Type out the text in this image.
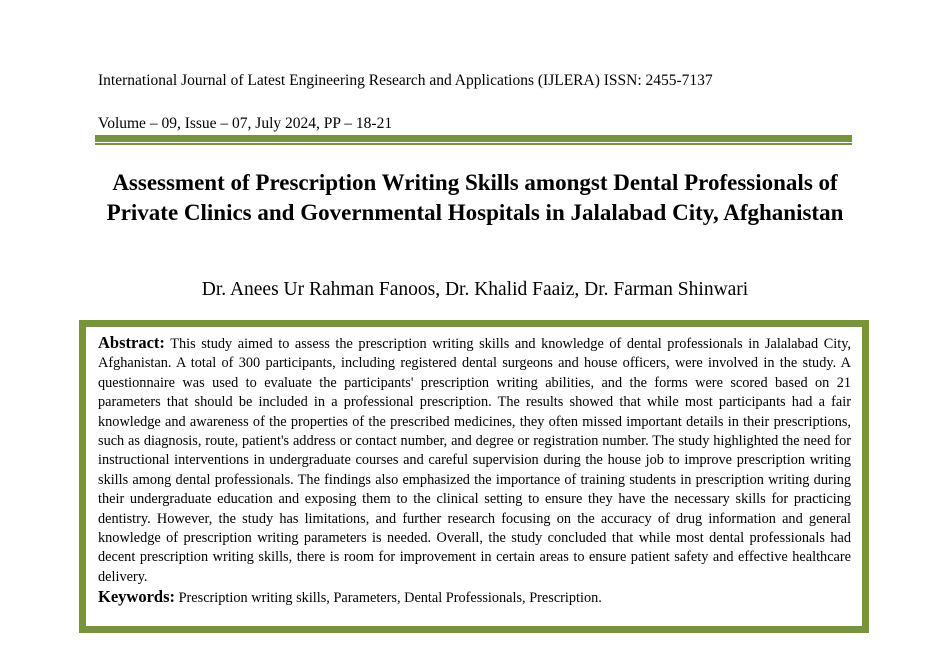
International Journal of Latest Engineering Research and Applications (IJLERA) ISSN: 2455-7137
Volume – 09, Issue – 07, July 2024, PP – 18-21
Assessment of Prescription Writing Skills amongst Dental Professionals of Private Clinics and Governmental Hospitals in Jalalabad City, Afghanistan
Dr. Anees Ur Rahman Fanoos, Dr. Khalid Faaiz, Dr. Farman Shinwari

Abstract: This study aimed to assess the prescription writing skills and knowledge of dental professionals in Jalalabad City, Afghanistan. A total of 300 participants, including registered dental surgeons and house officers, were involved in the study. A questionnaire was used to evaluate the participants' prescription writing abilities, and the forms were scored based on 21 parameters that should be included in a professional prescription. The results showed that while most participants had a fair knowledge and awareness of the properties of the prescribed medicines, they often missed important details in their prescriptions, such as diagnosis, route, patient's address or contact number, and degree or registration number. The study highlighted the need for instructional interventions in undergraduate courses and careful supervision during the house job to improve prescription writing skills among dental professionals. The findings also emphasized the importance of training students in prescription writing during their undergraduate education and exposing them to the clinical setting to ensure they have the necessary skills for practicing dentistry. However, the study has limitations, and further research focusing on the accuracy of drug information and general knowledge of prescription writing parameters is needed. Overall, the study concluded that while most dental professionals had decent prescription writing skills, there is room for improvement in certain areas to ensure patient safety and effective healthcare delivery.

Keywords: Prescription writing skills, Parameters, Dental Professionals, Prescription.
